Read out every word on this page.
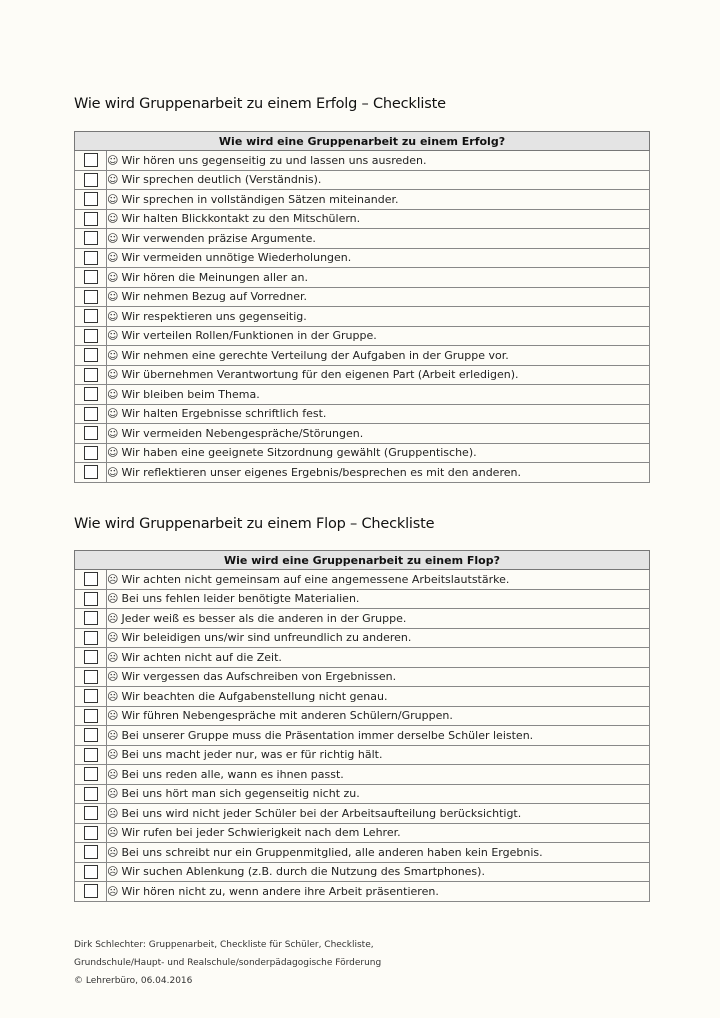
Wie wird Gruppenarbeit zu einem Erfolg – Checkliste
Wie wird eine Gruppenarbeit zu einem Erfolg?	
	☺ Wir hören uns gegenseitig zu und lassen uns ausreden.
	☺ Wir sprechen deutlich (Verständnis).
	☺ Wir sprechen in vollständigen Sätzen miteinander.
	☺ Wir halten Blickkontakt zu den Mitschülern.
	☺ Wir verwenden präzise Argumente.
	☺ Wir vermeiden unnötige Wiederholungen.
	☺ Wir hören die Meinungen aller an.
	☺ Wir nehmen Bezug auf Vorredner.
	☺ Wir respektieren uns gegenseitig.
	☺ Wir verteilen Rollen/Funktionen in der Gruppe.
	☺ Wir nehmen eine gerechte Verteilung der Aufgaben in der Gruppe vor.
	☺ Wir übernehmen Verantwortung für den eigenen Part (Arbeit erledigen).
	☺ Wir bleiben beim Thema.
	☺ Wir halten Ergebnisse schriftlich fest.
	☺ Wir vermeiden Nebengespräche/Störungen.
	☺ Wir haben eine geeignete Sitzordnung gewählt (Gruppentische).
	☺ Wir reflektieren unser eigenes Ergebnis/besprechen es mit den anderen.
Wie wird Gruppenarbeit zu einem Flop – Checkliste
Wie wird eine Gruppenarbeit zu einem Flop?	
	☹ Wir achten nicht gemeinsam auf eine angemessene Arbeitslautstärke.
	☹ Bei uns fehlen leider benötigte Materialien.
	☹ Jeder weiß es besser als die anderen in der Gruppe.
	☹ Wir beleidigen uns/wir sind unfreundlich zu anderen.
	☹ Wir achten nicht auf die Zeit.
	☹ Wir vergessen das Aufschreiben von Ergebnissen.
	☹ Wir beachten die Aufgabenstellung nicht genau.
	☹ Wir führen Nebengespräche mit anderen Schülern/Gruppen.
	☹ Bei unserer Gruppe muss die Präsentation immer derselbe Schüler leisten.
	☹ Bei uns macht jeder nur, was er für richtig hält.
	☹ Bei uns reden alle, wann es ihnen passt.
	☹ Bei uns hört man sich gegenseitig nicht zu.
	☹ Bei uns wird nicht jeder Schüler bei der Arbeitsaufteilung berücksichtigt.
	☹ Wir rufen bei jeder Schwierigkeit nach dem Lehrer.
	☹ Bei uns schreibt nur ein Gruppenmitglied, alle anderen haben kein Ergebnis.
	☹ Wir suchen Ablenkung (z.B. durch die Nutzung des Smartphones).
	☹ Wir hören nicht zu, wenn andere ihre Arbeit präsentieren.
Dirk Schlechter: Gruppenarbeit, Checkliste für Schüler, Checkliste,
Grundschule/Haupt- und Realschule/sonderpädagogische Förderung
© Lehrerbüro, 06.04.2016
